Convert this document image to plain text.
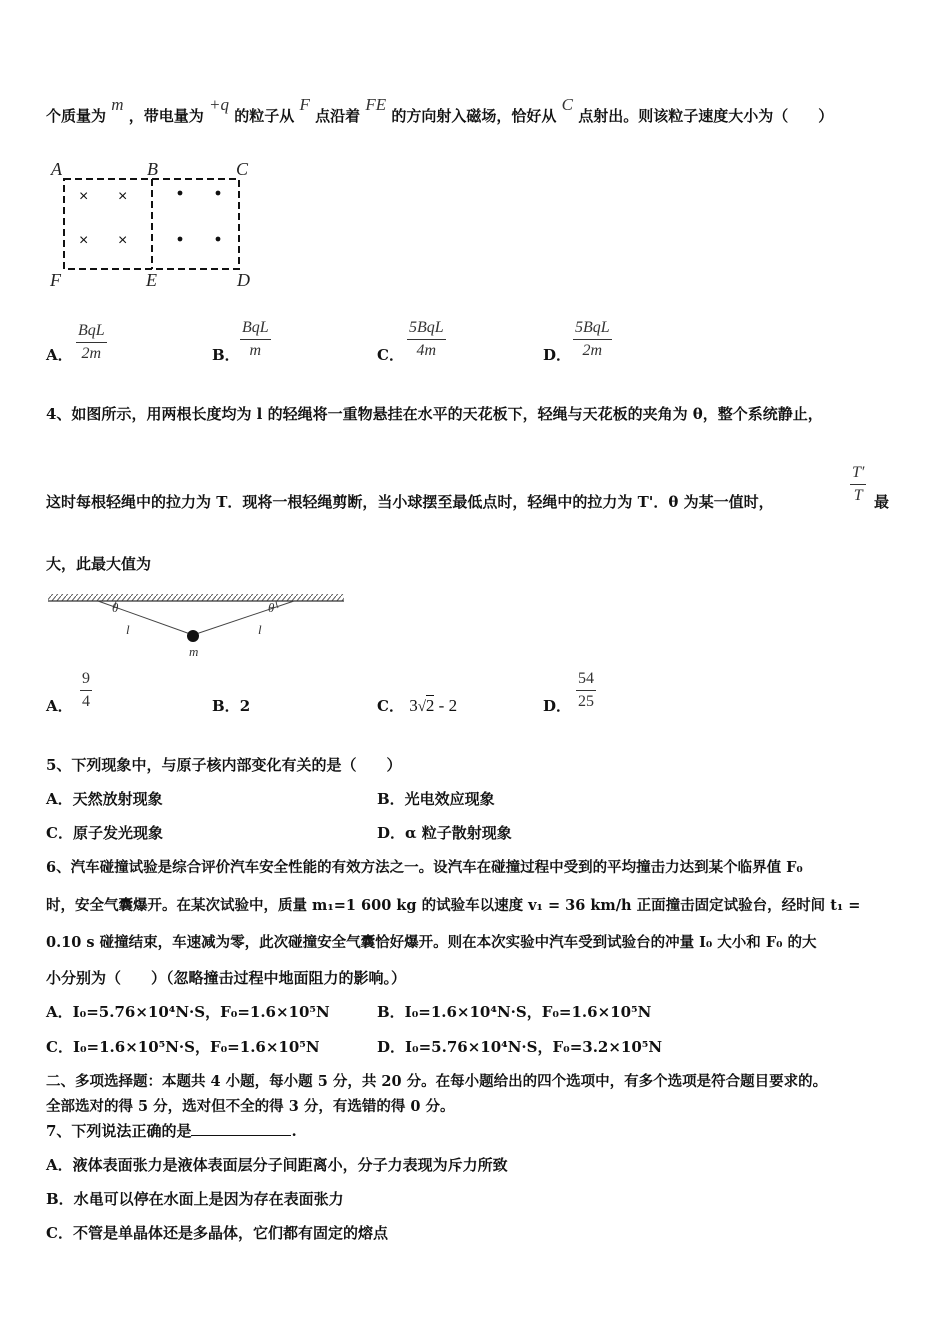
个质量为 m ，带电量为 +q 的粒子从 F 点沿着 FE 的方向射入磁场，恰好从 C 点射出。则该粒子速度大小为（　　）
× ×
× ×
A	B	C
F	E	D
A．
BqL
2m	B．
BqL
m	C．
5BqL
4m	D．
5BqL
2m
4、如图所示，用两根长度均为 l 的轻绳将一重物悬挂在水平的天花板下，轻绳与天花板的夹角为 θ，整个系统静止，
这时每根轻绳中的拉力为 T．现将一根轻绳剪断，当小球摆至最低点时，轻绳中的拉力为 T'．θ 为某一值时，	$\frac{T'}{T}$ 最
大，此最大值为
θ	θ
l	l
m
A． $\frac{9}{4}$	B．2	C． 3√2 - 2	D． $\frac{54}{25}$
5、下列现象中，与原子核内部变化有关的是（　　）
A．天然放射现象	B．光电效应现象
C．原子发光现象	D．α 粒子散射现象
6、汽车碰撞试验是综合评价汽车安全性能的有效方法之一。设汽车在碰撞过程中受到的平均撞击力达到某个临界值 F₀
时，安全气囊爆开。在某次试验中，质量 m₁=1 600 kg 的试验车以速度 v₁ = 36 km/h 正面撞击固定试验台，经时间 t₁ =
0.10 s 碰撞结束，车速减为零，此次碰撞安全气囊恰好爆开。则在本次实验中汽车受到试验台的冲量 I₀ 大小和 F₀ 的大
小分别为（　　）（忽略撞击过程中地面阻力的影响。）
A．I₀=5.76×10⁴N·S，F₀=1.6×10⁵N	B．I₀=1.6×10⁴N·S，F₀=1.6×10⁵N
C．I₀=1.6×10⁵N·S，F₀=1.6×10⁵N	D．I₀=5.76×10⁴N·S，F₀=3.2×10⁵N
二、多项选择题：本题共 4 小题，每小题 5 分，共 20 分。在每小题给出的四个选项中，有多个选项是符合题目要求的。
全部选对的得 5 分，选对但不全的得 3 分，有选错的得 0 分。
7、下列说法正确的是	.
A．液体表面张力是液体表面层分子间距离小，分子力表现为斥力所致
B．水黾可以停在水面上是因为存在表面张力
C．不管是单晶体还是多晶体，它们都有固定的熔点
